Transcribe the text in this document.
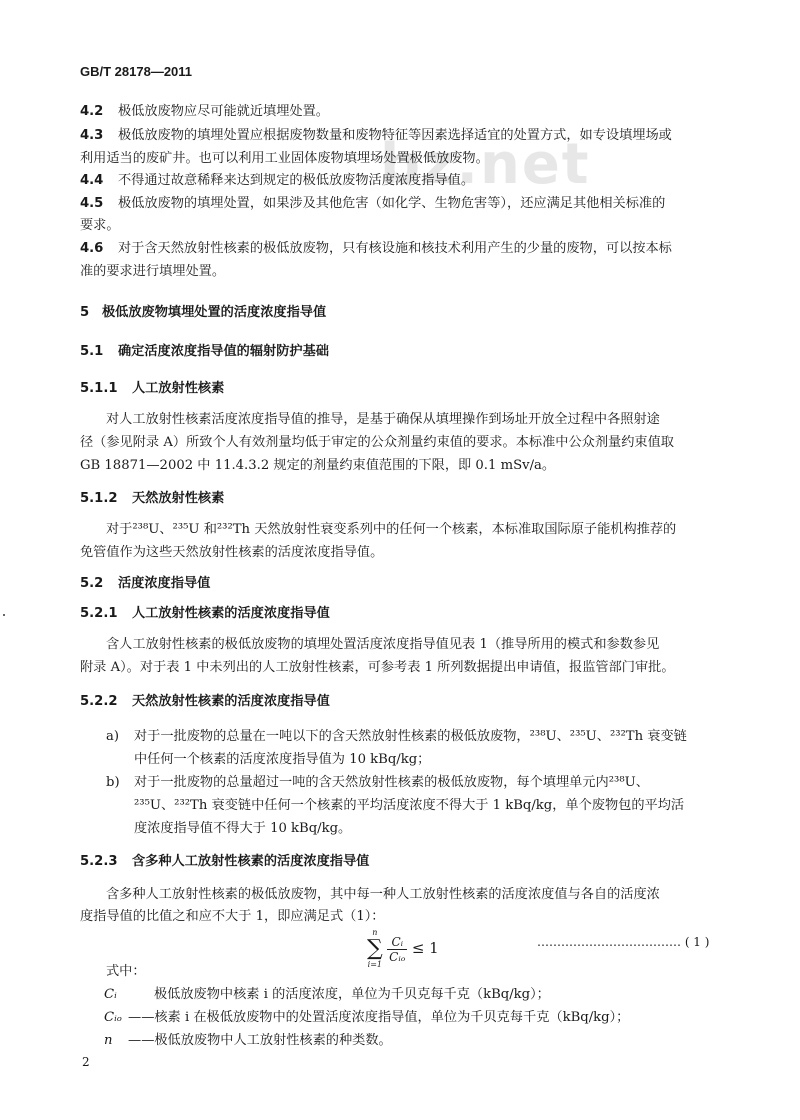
GB/T 28178—2011
bz.net
4.2 极低放废物应尽可能就近填埋处置。
4.3 极低放废物的填埋处置应根据废物数量和废物特征等因素选择适宜的处置方式，如专设填埋场或
利用适当的废矿井。也可以利用工业固体废物填埋场处置极低放废物。
4.4 不得通过故意稀释来达到规定的极低放废物活度浓度指导值。
4.5 极低放废物的填埋处置，如果涉及其他危害（如化学、生物危害等），还应满足其他相关标准的
要求。
4.6 对于含天然放射性核素的极低放废物，只有核设施和核技术利用产生的少量的废物，可以按本标
准的要求进行填埋处置。
5 极低放废物填埋处置的活度浓度指导值
5.1 确定活度浓度指导值的辐射防护基础
5.1.1 人工放射性核素
对人工放射性核素活度浓度指导值的推导，是基于确保从填埋操作到场址开放全过程中各照射途
径（参见附录 A）所致个人有效剂量均低于审定的公众剂量约束值的要求。本标准中公众剂量约束值取
GB 18871—2002 中 11.4.3.2 规定的剂量约束值范围的下限，即 0.1 mSv/a。
5.1.2 天然放射性核素
对于²³⁸U、²³⁵U 和²³²Th 天然放射性衰变系列中的任何一个核素，本标准取国际原子能机构推荐的
免管值作为这些天然放射性核素的活度浓度指导值。
5.2 活度浓度指导值
5.2.1 人工放射性核素的活度浓度指导值
含人工放射性核素的极低放废物的填埋处置活度浓度指导值见表 1（推导所用的模式和参数参见
附录 A）。对于表 1 中未列出的人工放射性核素，可参考表 1 所列数据提出申请值，报监管部门审批。
5.2.2 天然放射性核素的活度浓度指导值
a) 对于一批废物的总量在一吨以下的含天然放射性核素的极低放废物，²³⁸U、²³⁵U、²³²Th 衰变链
中任何一个核素的活度浓度指导值为 10 kBq/kg；
b) 对于一批废物的总量超过一吨的含天然放射性核素的极低放废物，每个填埋单元内²³⁸U、
²³⁵U、²³²Th 衰变链中任何一个核素的平均活度浓度不得大于 1 kBq/kg，单个废物包的平均活
度浓度指导值不得大于 10 kBq/kg。
5.2.3 含多种人工放射性核素的活度浓度指导值
含多种人工放射性核素的极低放废物，其中每一种人工放射性核素的活度浓度值与各自的活度浓
度指导值的比值之和应不大于 1，即应满足式（1）：
n
∑
i=1

$\frac{\text{Cᵢ}}{\text{Cᵢₒ}} \le 1$	……………………………… ( 1 )
式中：
Cᵢ	极低放废物中核素 i 的活度浓度，单位为千贝克每千克（kBq/kg）；
Cᵢₒ ——核素 i 在极低放废物中的处置活度浓度指导值，单位为千贝克每千克（kBq/kg）；
n ——极低放废物中人工放射性核素的种类数。
2
